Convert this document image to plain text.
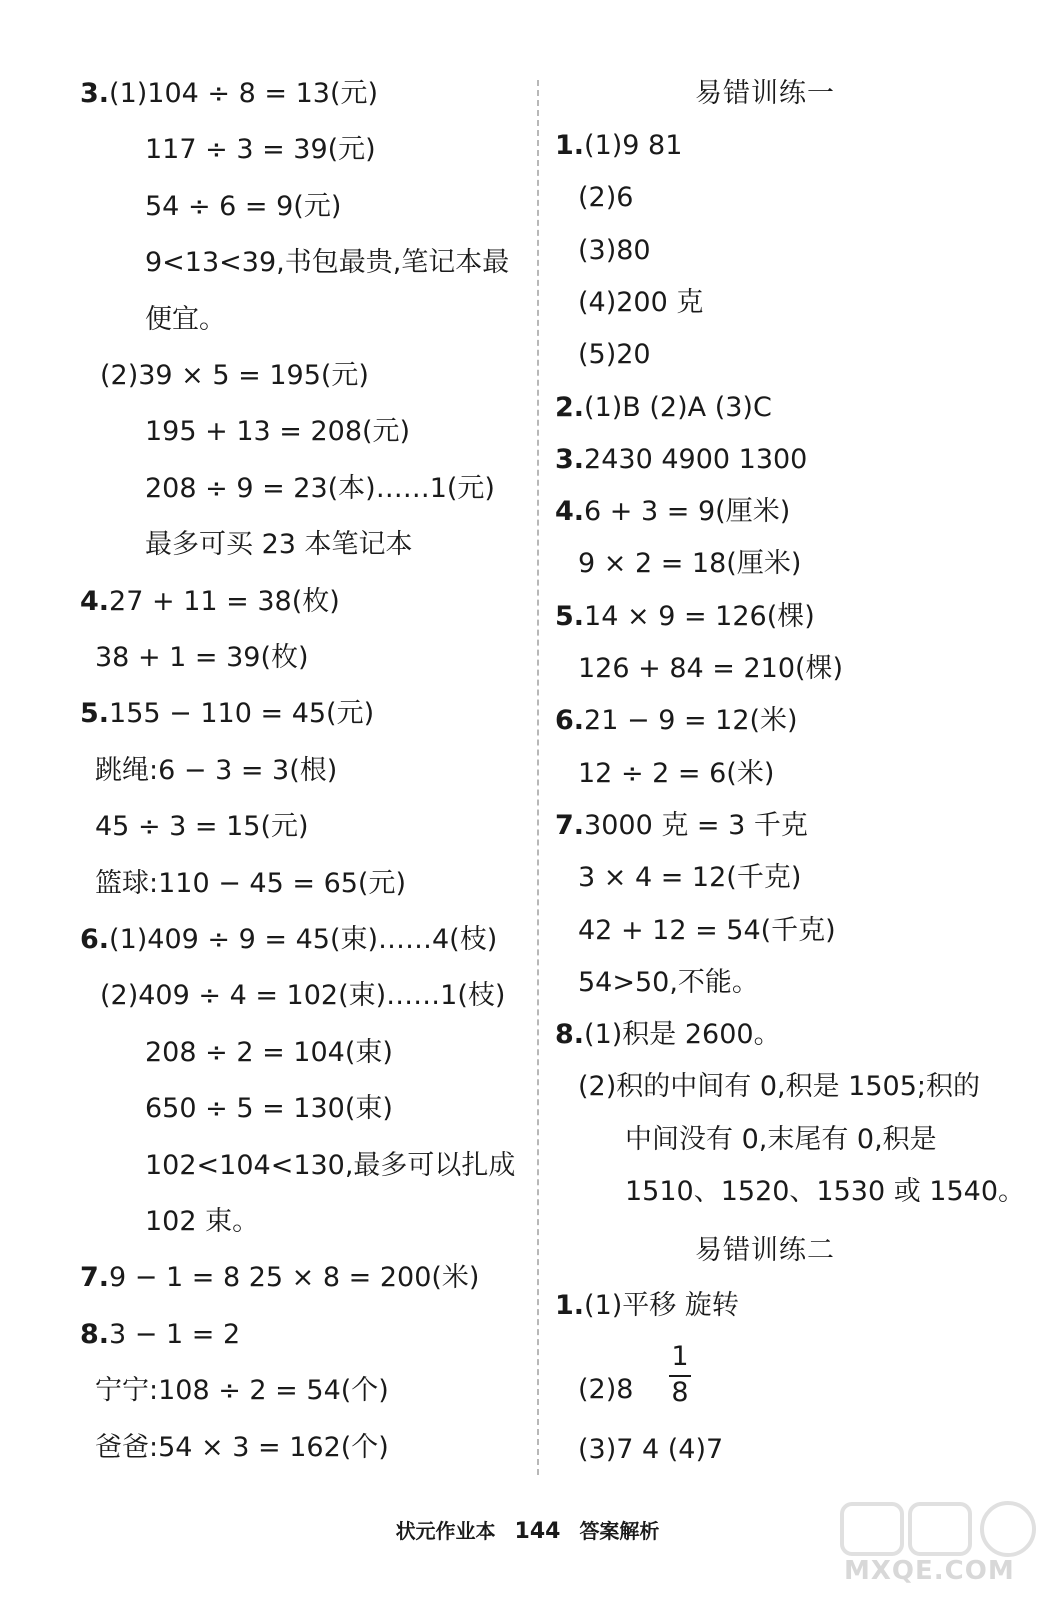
3.(1)104 ÷ 8 = 13(元)
117 ÷ 3 = 39(元)
54 ÷ 6 = 9(元)
9<13<39,书包最贵,笔记本最
便宜。
(2)39 × 5 = 195(元)
195 + 13 = 208(元)
208 ÷ 9 = 23(本)……1(元)
最多可买 23 本笔记本
4.27 + 11 = 38(枚)
38 + 1 = 39(枚)
5.155 − 110 = 45(元)
跳绳:6 − 3 = 3(根)
45 ÷ 3 = 15(元)
篮球:110 − 45 = 65(元)
6.(1)409 ÷ 9 = 45(束)……4(枝)
(2)409 ÷ 4 = 102(束)……1(枝)
208 ÷ 2 = 104(束)
650 ÷ 5 = 130(束)
102<104<130,最多可以扎成
102 束。
7.9 − 1 = 8 25 × 8 = 200(米)
8.3 − 1 = 2
宁宁:108 ÷ 2 = 54(个)
爸爸:54 × 3 = 162(个)
易错训练一
1.(1)9 81
(2)6
(3)80
(4)200 克
(5)20
2.(1)B (2)A (3)C
3.2430 4900 1300
4.6 + 3 = 9(厘米)
9 × 2 = 18(厘米)
5.14 × 9 = 126(棵)
126 + 84 = 210(棵)
6.21 − 9 = 12(米)
12 ÷ 2 = 6(米)
7.3000 克 = 3 千克
3 × 4 = 12(千克)
42 + 12 = 54(千克)
54>50,不能。
8.(1)积是 2600。
(2)积的中间有 0,积是 1505;积的
中间没有 0,末尾有 0,积是
1510、1520、1530 或 1540。
易错训练二
1.(1)平移 旋转
(2)8
1
8
(3)7 4 (4)7
状元作业本 144 答案解析
MXQE.COM
